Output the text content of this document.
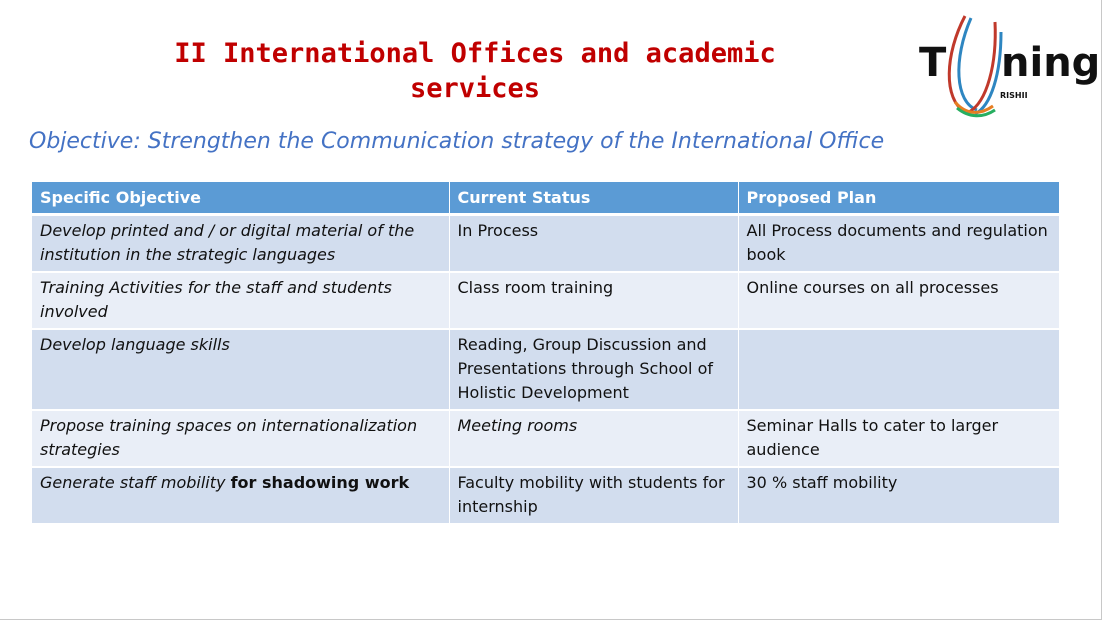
II International Offices and academic
services
T ning
RISHII
Objective: Strengthen the Communication strategy of the International Office
Specific Objective	Current Status	Proposed Plan
Develop printed and / or digital material of the institution in the strategic languages	In Process	All Process documents and regulation book
Training Activities for the staff and students involved	Class room training	Online courses on all processes
Develop language skills	Reading, Group Discussion and Presentations through School of Holistic Development	
Propose training spaces on internationalization strategies	Meeting rooms	Seminar Halls to cater to larger audience
Generate staff mobility for shadowing work	Faculty mobility with students for internship	30 % staff mobility
